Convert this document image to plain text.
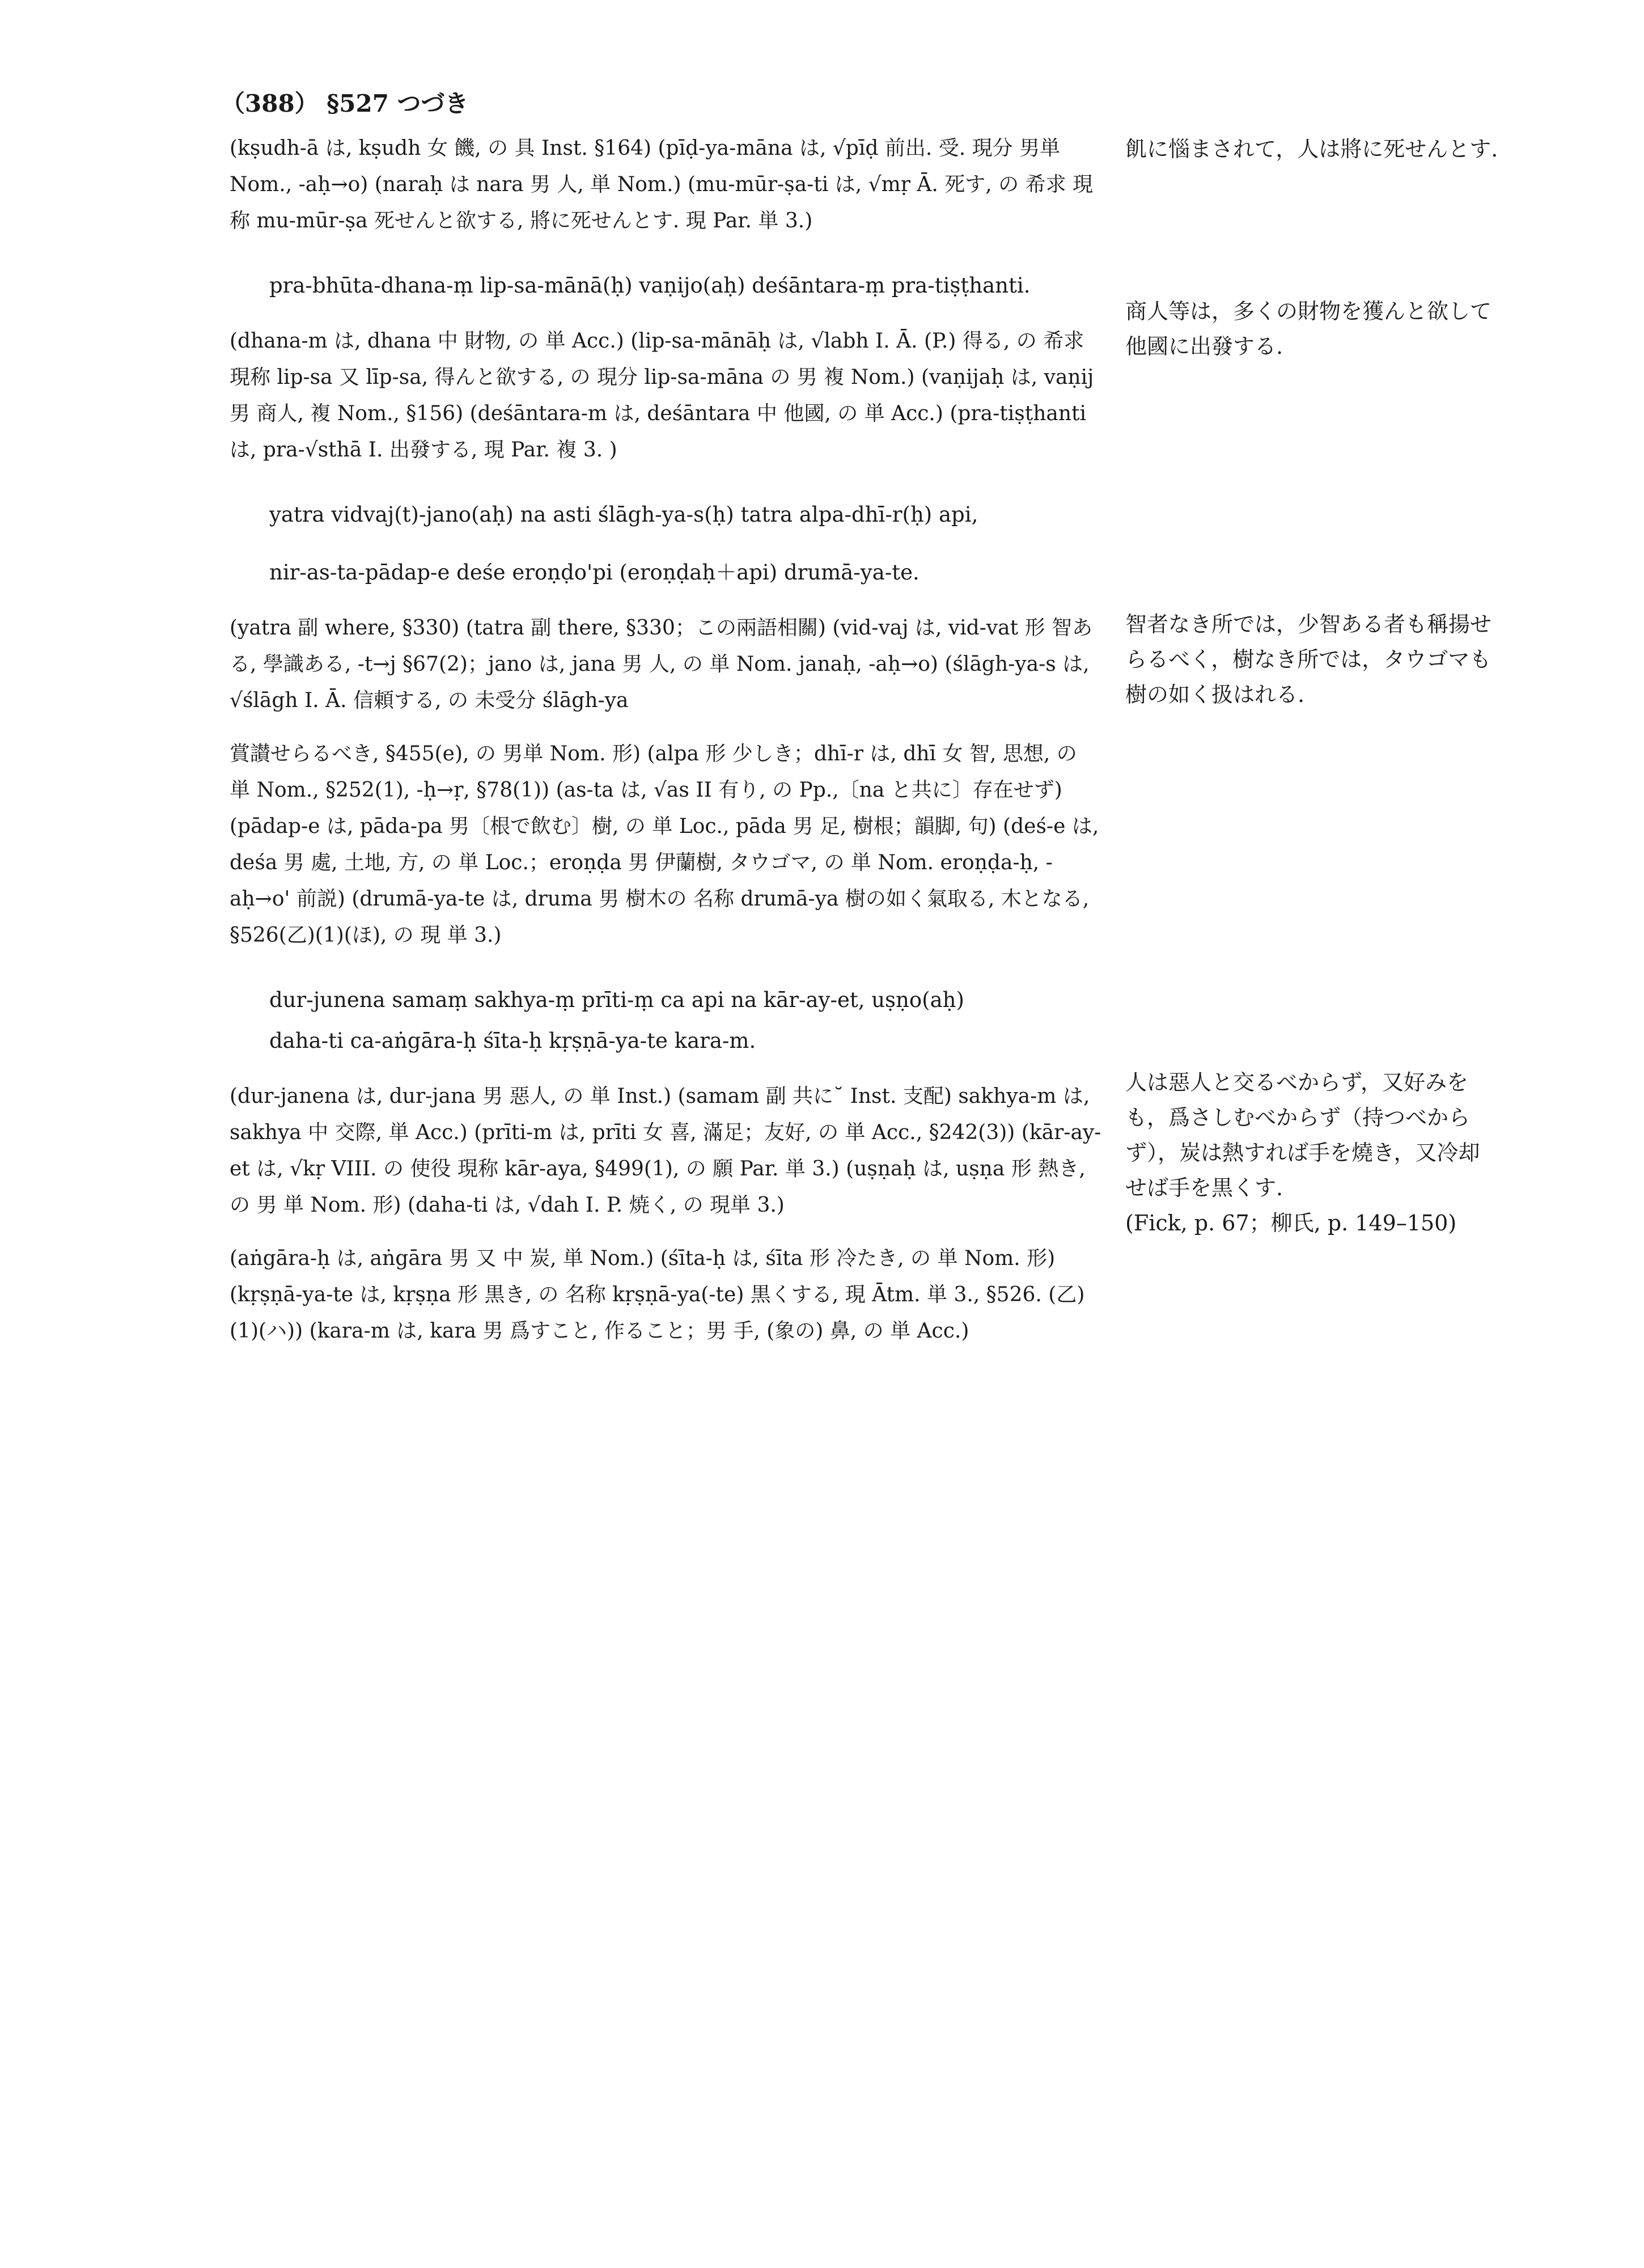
（388） §527 つづき

(kṣudh-ā は, kṣudh 女 饑, の 具 Inst. §164) (pīḍ-ya-māna は, √pīḍ 前出. 受. 現分 男単 Nom., -aḥ→o) (naraḥ は nara 男 人, 単 Nom.) (mu-mūr-ṣa-ti は, √mṛ Ā. 死す, の 希求 現称 mu-mūr-ṣa 死せんと欲する, 將に死せんとす. 現 Par. 単 3.)

pra-bhūta-dhana-ṃ lip-sa-mānā(ḥ) vaṇijo(aḥ) deśāntara-ṃ pra-tiṣṭhanti.

(dhana-m は, dhana 中 財物, の 単 Acc.) (lip-sa-mānāḥ は, √labh I. Ā. (P.) 得る, の 希求 現称 lip-sa 又 līp-sa, 得んと欲する, の 現分 lip-sa-māna の 男 複 Nom.) (vaṇijaḥ は, vaṇij 男 商人, 複 Nom., §156) (deśāntara-m は, deśāntara 中 他國, の 単 Acc.) (pra-tiṣṭhanti は, pra-√sthā I. 出發する, 現 Par. 複 3. )

yatra vidvaj(t)-jano(aḥ) na asti ślāgh-ya-s(ḥ) tatra alpa-dhī-r(ḥ) api,

nir-as-ta-pādap-e deśe eroṇḍo'pi (eroṇḍaḥ＋api) drumā-ya-te.

(yatra 副 where, §330) (tatra 副 there, §330；この兩語相關) (vid-vaj は, vid-vat 形 智ある, 學識ある, -t→j §67(2)；jano は, jana 男 人, の 単 Nom. janaḥ, -aḥ→o) (ślāgh-ya-s は, √ślāgh I. Ā. 信頼する, の 未受分 ślāgh-ya

賞讃せらるべき, §455(e), の 男単 Nom. 形) (alpa 形 少しき；dhī-r は, dhī 女 智, 思想, の 単 Nom., §252(1), -ḥ→ṛ, §78(1)) (as-ta は, √as II 有り, の Pp.,〔na と共に〕存在せず) (pādap-e は, pāda-pa 男〔根で飲む〕樹, の 単 Loc., pāda 男 足, 樹根；韻脚, 句) (deś-e は, deśa 男 處, 土地, 方, の 単 Loc.；eroṇḍa 男 伊蘭樹, タウゴマ, の 単 Nom. eroṇḍa-ḥ, -aḥ→o' 前説) (drumā-ya-te は, druma 男 樹木の 名称 drumā-ya 樹の如く氣取る, 木となる, §526(乙)(1)(ほ), の 現 単 3.)

dur-junena samaṃ sakhya-ṃ prīti-ṃ ca api na kār-ay-et, uṣṇo(aḥ)

daha-ti ca-aṅgāra-ḥ śīta-ḥ kṛṣṇā-ya-te kara-m.

(dur-janena は, dur-jana 男 惡人, の 単 Inst.) (samam 副 共に˘ Inst. 支配) sakhya-m は, sakhya 中 交際, 単 Acc.) (prīti-m は, prīti 女 喜, 滿足；友好, の 単 Acc., §242(3)) (kār-ay-et は, √kṛ VIII. の 使役 現称 kār-aya, §499(1), の 願 Par. 単 3.) (uṣṇaḥ は, uṣṇa 形 熱き, の 男 単 Nom. 形) (daha-ti は, √dah I. P. 焼く, の 現単 3.)

(aṅgāra-ḥ は, aṅgāra 男 又 中 炭, 単 Nom.) (śīta-ḥ は, śīta 形 冷たき, の 単 Nom. 形) (kṛṣṇā-ya-te は, kṛṣṇa 形 黒き, の 名称 kṛṣṇā-ya(-te) 黒くする, 現 Ātm. 単 3., §526. (乙)(1)(ハ)) (kara-m は, kara 男 爲すこと, 作ること；男 手, (象の) 鼻, の 単 Acc.)

飢に惱まされて，人は將に死せんとす.

商人等は，多くの財物を獲んと欲して他國に出發する.

智者なき所では，少智ある者も稱揚せらるべく，樹なき所では，タウゴマも樹の如く扱はれる.

人は惡人と交るべからず，又好みをも，爲さしむべからず（持つべからず），炭は熱すれば手を燒き，又冷却せば手を黒くす.

(Fick, p. 67；柳氏, p. 149–150)
